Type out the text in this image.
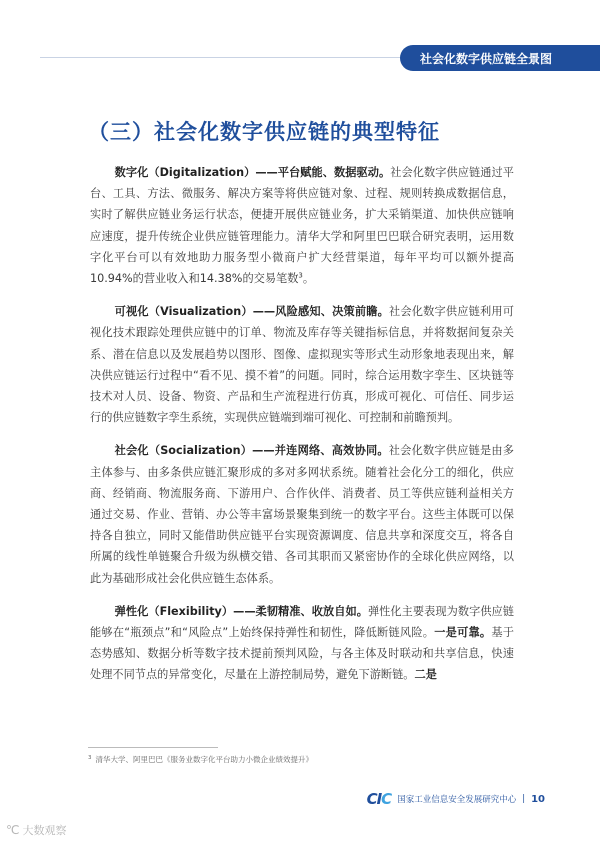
社会化数字供应链全景图
（三）社会化数字供应链的典型特征

数字化（Digitalization）——平台赋能、数据驱动。社会化数字供应链通过平台、工具、方法、微服务、解决方案等将供应链对象、过程、规则转换成数据信息，实时了解供应链业务运行状态，便捷开展供应链业务，扩大采销渠道、加快供应链响应速度，提升传统企业供应链管理能力。清华大学和阿里巴巴联合研究表明，运用数字化平台可以有效地助力服务型小微商户扩大经营渠道，每年平均可以额外提高10.94%的营业收入和14.38%的交易笔数$^3$。

可视化（Visualization）——风险感知、决策前瞻。社会化数字供应链利用可视化技术跟踪处理供应链中的订单、物流及库存等关键指标信息，并将数据间复杂关系、潜在信息以及发展趋势以图形、图像、虚拟现实等形式生动形象地表现出来，解决供应链运行过程中“看不见、摸不着”的问题。同时，综合运用数字孪生、区块链等技术对人员、设备、物资、产品和生产流程进行仿真，形成可视化、可信任、同步运行的供应链数字孪生系统，实现供应链端到端可视化、可控制和前瞻预判。

社会化（Socialization）——并连网络、高效协同。社会化数字供应链是由多主体参与、由多条供应链汇聚形成的多对多网状系统。随着社会化分工的细化，供应商、经销商、物流服务商、下游用户、合作伙伴、消费者、员工等供应链利益相关方通过交易、作业、营销、办公等丰富场景聚集到统一的数字平台。这些主体既可以保持各自独立，同时又能借助供应链平台实现资源调度、信息共享和深度交互，将各自所属的线性单链聚合升级为纵横交错、各司其职而又紧密协作的全球化供应网络，以此为基础形成社会化供应链生态体系。

弹性化（Flexibility）——柔韧精准、收放自如。弹性化主要表现为数字供应链能够在“瓶颈点”和“风险点”上始终保持弹性和韧性，降低断链风险。一是可靠。基于态势感知、数据分析等数字技术提前预判风险，与各主体及时联动和共享信息，快速处理不同节点的异常变化，尽量在上游控制局势，避免下游断链。二是

$^3$ 清华大学、阿里巴巴《服务业数字化平台助力小微企业绩效提升》
CIC 国家工业信息安全发展研究中心 | 10
℃ 大数观察
